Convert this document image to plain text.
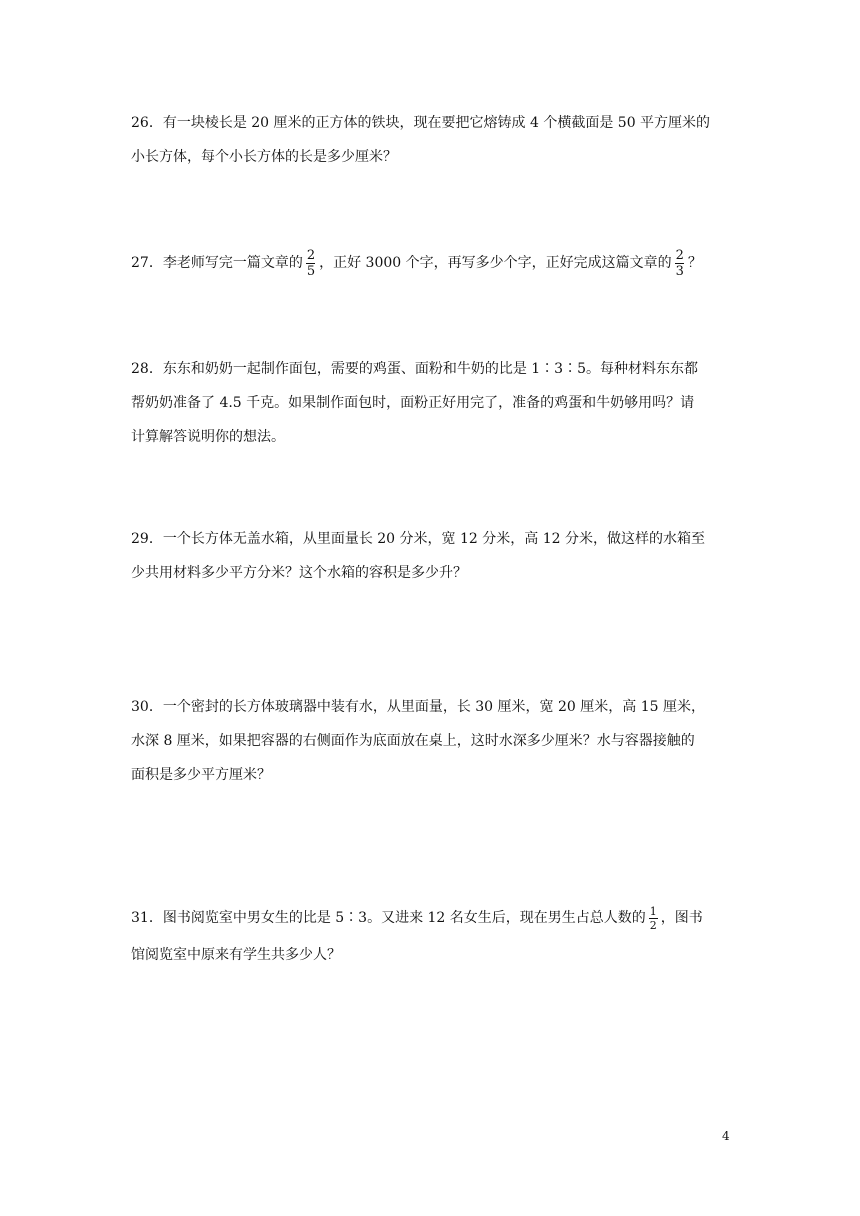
26．有一块棱长是 20 厘米的正方体的铁块，现在要把它熔铸成 4 个横截面是 50 平方厘米的
小长方体，每个小长方体的长是多少厘米？
27．李老师写完一篇文章的 $\frac{2}{5}$ ，正好 3000 个字，再写多少个字，正好完成这篇文章的 $\frac{2}{3}$ ？
28．东东和奶奶一起制作面包，需要的鸡蛋、面粉和牛奶的比是 1∶3∶5。每种材料东东都
帮奶奶准备了 4.5 千克。如果制作面包时，面粉正好用完了，准备的鸡蛋和牛奶够用吗？请
计算解答说明你的想法。
29．一个长方体无盖水箱，从里面量长 20 分米，宽 12 分米，高 12 分米，做这样的水箱至
少共用材料多少平方分米？这个水箱的容积是多少升？
30．一个密封的长方体玻璃器中装有水，从里面量，长 30 厘米，宽 20 厘米，高 15 厘米，
水深 8 厘米，如果把容器的右侧面作为底面放在桌上，这时水深多少厘米？水与容器接触的
面积是多少平方厘米？
31．图书阅览室中男女生的比是 5∶3。又进来 12 名女生后，现在男生占总人数的 $\frac{1}{2}$ ，图书
馆阅览室中原来有学生共多少人？
4
